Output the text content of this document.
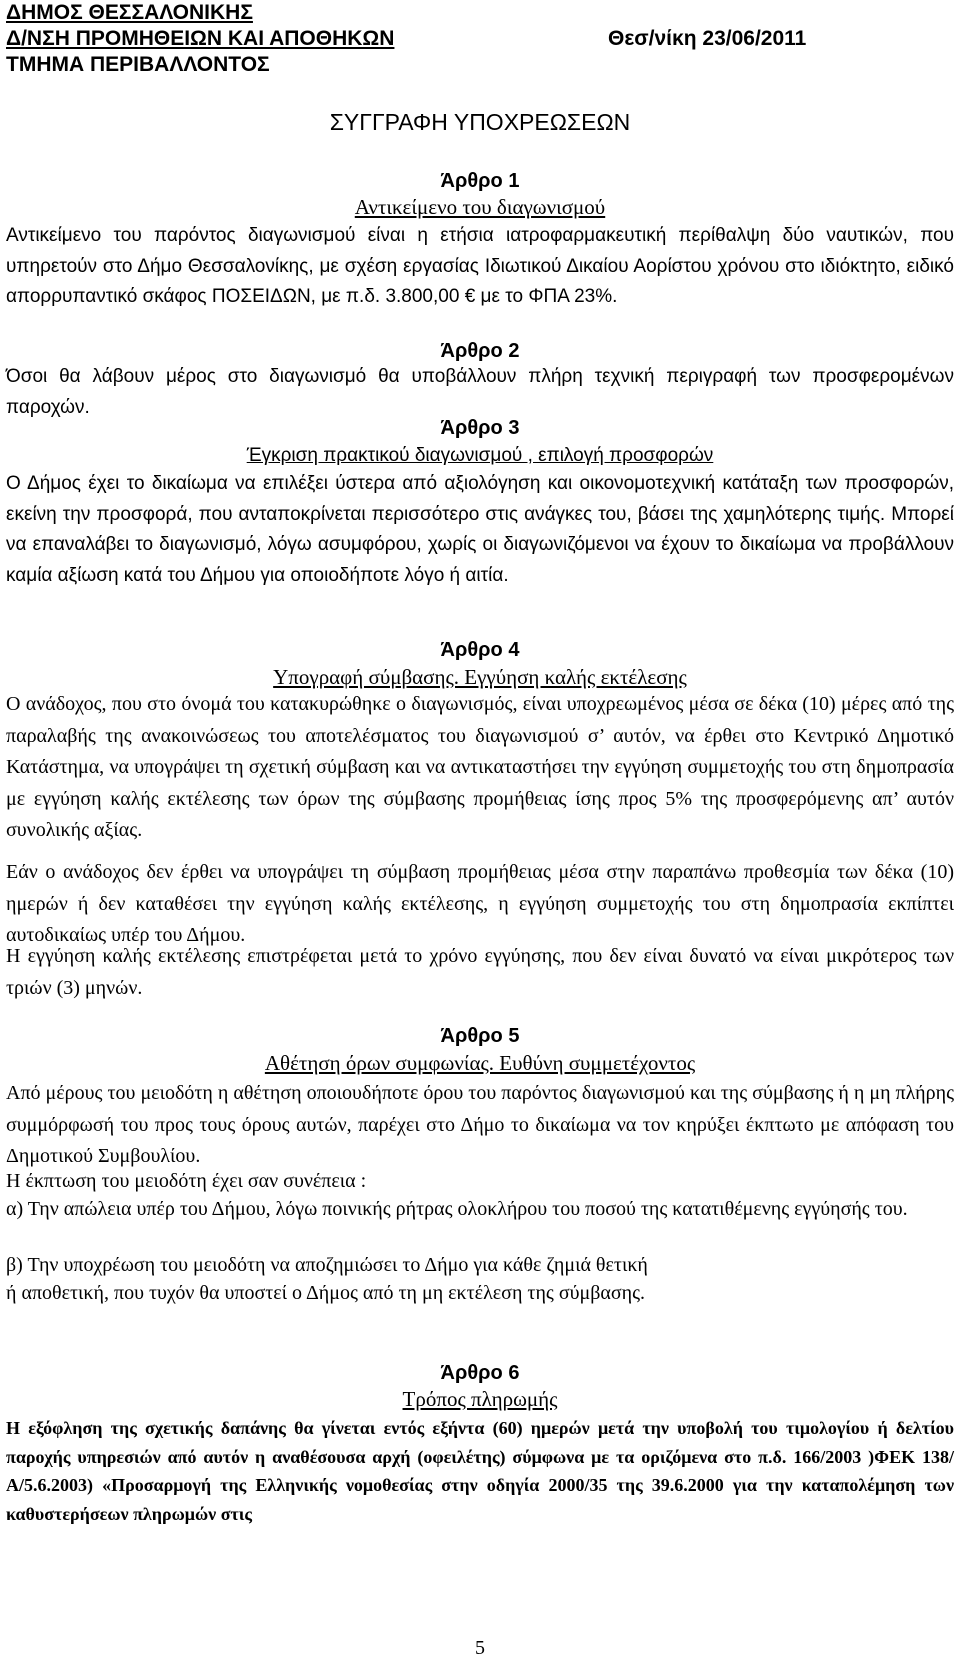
ΔΗΜΟΣ ΘΕΣΣΑΛΟΝΙΚΗΣ
Δ/ΝΣΗ ΠΡΟΜΗΘΕΙΩΝ ΚΑΙ ΑΠΟΘΗΚΩΝ	Θεσ/νίκη 23/06/2011
ΤΜΗΜΑ ΠΕΡΙΒΑΛΛΟΝΤΟΣ
ΣΥΓΓΡΑΦΗ ΥΠΟΧΡΕΩΣΕΩΝ
Άρθρο 1
Αντικείμενο του διαγωνισμού
Αντικείμενο του παρόντος διαγωνισμού είναι η ετήσια ιατροφαρμακευτική περίθαλψη δύο ναυτικών, που υπηρετούν στο Δήμο Θεσσαλονίκης, με σχέση εργασίας Ιδιωτικού Δικαίου Αορίστου χρόνου στο ιδιόκτητο, ειδικό απορρυπαντικό σκάφος ΠΟΣΕΙΔΩΝ, με π.δ. 3.800,00 € με το ΦΠΑ 23%.
Άρθρο 2
Όσοι θα λάβουν μέρος στο διαγωνισμό θα υποβάλλουν πλήρη τεχνική περιγραφή των προσφερομένων παροχών.
Άρθρο 3
Έγκριση πρακτικού διαγωνισμού , επιλογή προσφορών
Ο Δήμος έχει το δικαίωμα να επιλέξει ύστερα από αξιολόγηση και οικονομοτεχνική κατάταξη των προσφορών, εκείνη την προσφορά, που ανταποκρίνεται περισσότερο στις ανάγκες του, βάσει της χαμηλότερης τιμής. Μπορεί να επαναλάβει το διαγωνισμό, λόγω ασυμφόρου, χωρίς οι διαγωνιζόμενοι να έχουν το δικαίωμα να προβάλλουν καμία αξίωση κατά του Δήμου για οποιοδήποτε λόγο ή αιτία.
Άρθρο 4
Υπογραφή σύμβασης. Εγγύηση καλής εκτέλεσης
Ο ανάδοχος, που στο όνομά του κατακυρώθηκε ο διαγωνισμός, είναι υποχρεωμένος μέσα σε δέκα (10) μέρες από της παραλαβής της ανακοινώσεως του αποτελέσματος του διαγωνισμού σ’ αυτόν, να έρθει στο Κεντρικό Δημοτικό Κατάστημα, να υπογράψει τη σχετική σύμβαση και να αντικαταστήσει την εγγύηση συμμετοχής του στη δημοπρασία με εγγύηση καλής εκτέλεσης των όρων της σύμβασης προμήθειας ίσης προς 5% της προσφερόμενης απ’ αυτόν συνολικής αξίας.
Εάν ο ανάδοχος δεν έρθει να υπογράψει τη σύμβαση προμήθειας μέσα στην παραπάνω προθεσμία των δέκα (10) ημερών ή δεν καταθέσει την εγγύηση καλής εκτέλεσης, η εγγύηση συμμετοχής του στη δημοπρασία εκπίπτει αυτοδικαίως υπέρ του Δήμου.
Η εγγύηση καλής εκτέλεσης επιστρέφεται μετά το χρόνο εγγύησης, που δεν είναι δυνατό να είναι μικρότερος των τριών (3) μηνών.
Άρθρο 5
Αθέτηση όρων συμφωνίας. Ευθύνη συμμετέχοντος
Από μέρους του μειοδότη η αθέτηση οποιουδήποτε όρου του παρόντος διαγωνισμού και της σύμβασης ή η μη πλήρης συμμόρφωσή του προς τους όρους αυτών, παρέχει στο Δήμο το δικαίωμα να τον κηρύξει έκπτωτο με απόφαση του Δημοτικού Συμβουλίου.
Η έκπτωση του μειοδότη έχει σαν συνέπεια :
α) Την απώλεια υπέρ του Δήμου, λόγω ποινικής ρήτρας ολοκλήρου του ποσού της κατατιθέμενης εγγύησής του.
β) Την υποχρέωση του μειοδότη να αποζημιώσει το Δήμο για κάθε ζημιά θετική
ή αποθετική, που τυχόν θα υποστεί ο Δήμος από τη μη εκτέλεση της σύμβασης.
Άρθρο 6
Τρόπος πληρωμής
Η εξόφληση της σχετικής δαπάνης θα γίνεται εντός εξήντα (60) ημερών μετά την υποβολή του τιμολογίου ή δελτίου παροχής υπηρεσιών από αυτόν η αναθέσουσα αρχή (οφειλέτης) σύμφωνα με τα οριζόμενα στο π.δ. 166/2003 )ΦΕΚ 138/Α/5.6.2003) «Προσαρμογή της Ελληνικής νομοθεσίας στην οδηγία 2000/35 της 39.6.2000 για την καταπολέμηση των καθυστερήσεων πληρωμών στις
5
